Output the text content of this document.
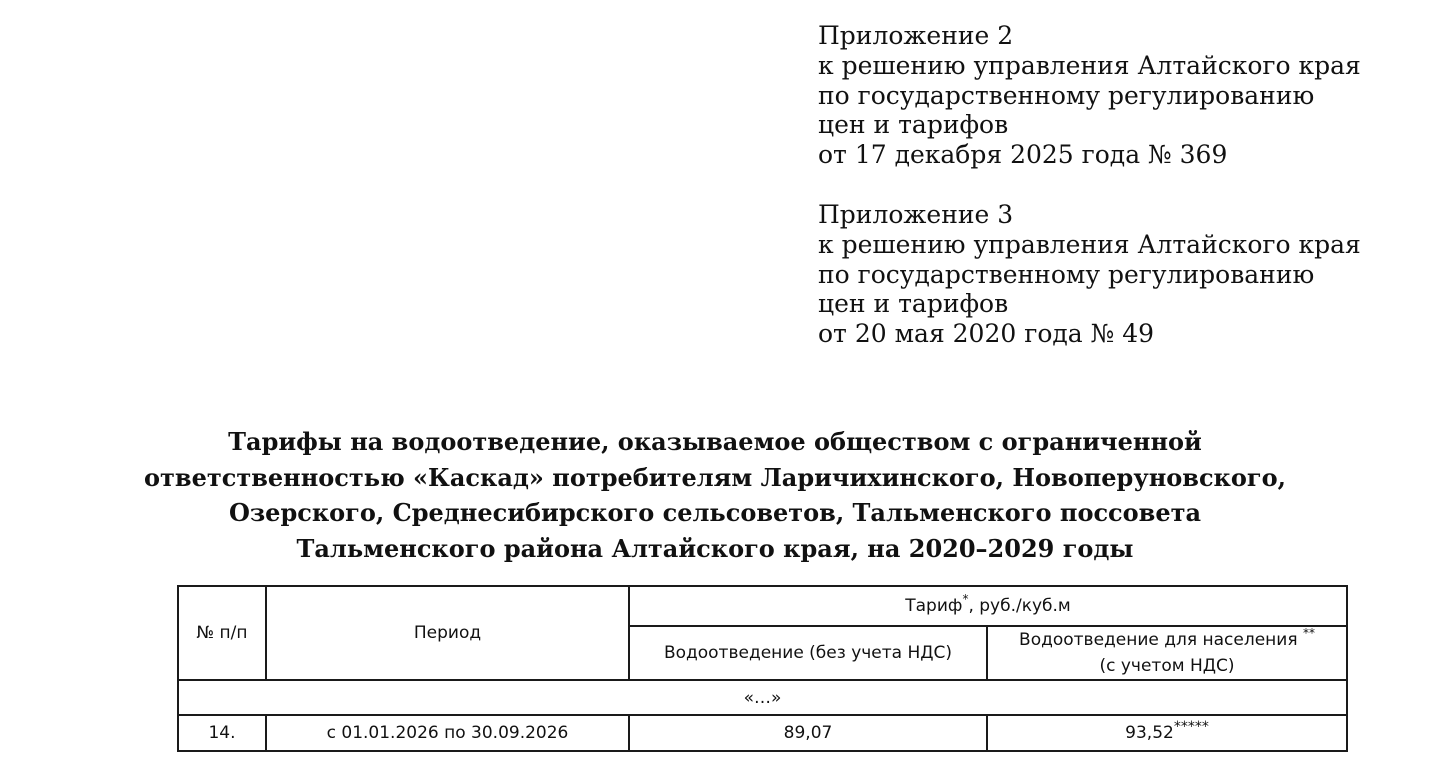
Приложение 2
к решению управления Алтайского края
по государственному регулированию
цен и тарифов
от 17 декабря 2025 года № 369
Приложение 3
к решению управления Алтайского края
по государственному регулированию
цен и тарифов
от 20 мая 2020 года № 49
Тарифы на водоотведение, оказываемое обществом с ограниченной
ответственностью «Каскад» потребителям Ларичихинского, Новоперуновского,
Озерского, Среднесибирского сельсоветов, Тальменского поссовета
Тальменского района Алтайского края, на 2020–2029 годы
№ п/п	Период	Тариф*, руб./куб.м	
		Водоотведение (без учета НДС)	Водоотведение для населения **
(с учетом НДС)

«…»			
14.	с 01.01.2026 по 30.09.2026	89,07	93,52*****
